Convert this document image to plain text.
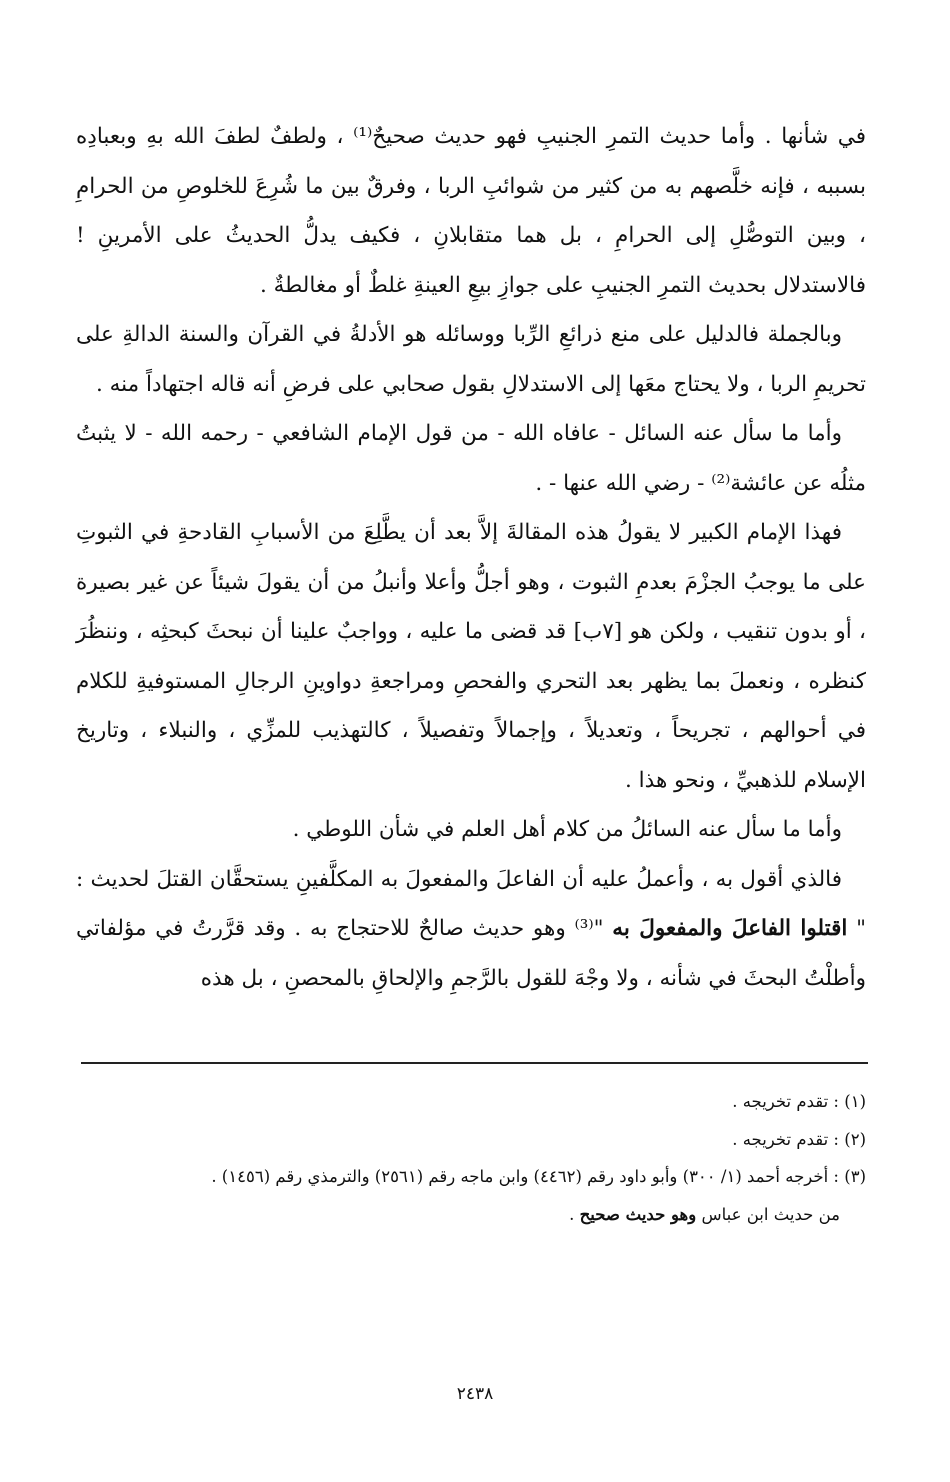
في شأنها . وأما حديث التمرِ الجنيبِ فهو حديث صحيحٌ⁽¹⁾ ، ولطفٌ لطفَ الله بهِ وبعبادِه بسببه ، فإنه خلَّصهم به من كثير من شوائبِ الربا ، وفرقٌ بين ما شُرِعَ للخلوصِ من الحرامِ ، وبين التوصُّلِ إلى الحرامِ ، بل هما متقابلانِ ، فكيف يدلُّ الحديثُ على الأمرينِ ! فالاستدلال بحديث التمرِ الجنيبِ على جوازِ بيعِ العينةِ غلطٌ أو مغالطةٌ .

وبالجملة فالدليل على منع ذرائعِ الرِّبا ووسائله هو الأدلةُ في القرآن والسنة الدالةِ على تحريمِ الربا ، ولا يحتاج معَها إلى الاستدلالِ بقول صحابي على فرضِ أنه قاله اجتهاداً منه .

وأما ما سأل عنه السائل - عافاه الله - من قول الإمام الشافعي - رحمه الله - لا يثبتُ مثلُه عن عائشة⁽²⁾ - رضي الله عنها - .

فهذا الإمام الكبير لا يقولُ هذه المقالةَ إلاَّ بعد أن يطَّلِعَ من الأسبابِ القادحةِ في الثبوتِ على ما يوجبُ الجزْمَ بعدمِ الثبوت ، وهو أجلُّ وأعلا وأنبلُ من أن يقولَ شيئاً عن غير بصيرة ، أو بدون تنقيب ، ولكن هو [٧ب] قد قضى ما عليه ، وواجبٌ علينا أن نبحثَ كبحثِه ، وننظُرَ كنظره ، ونعملَ بما يظهر بعد التحري والفحصِ ومراجعةِ دواوينِ الرجالِ المستوفيةِ للكلام في أحوالهم ، تجريحاً ، وتعديلاً ، وإجمالاً وتفصيلاً ، كالتهذيب للمزِّي ، والنبلاء ، وتاريخ الإسلام للذهبيِّ ، ونحو هذا .

وأما ما سأل عنه السائلُ من كلام أهل العلم في شأن اللوطي .

فالذي أقول به ، وأعملُ عليه أن الفاعلَ والمفعولَ به المكلَّفينِ يستحقَّان القتلَ لحديث : " اقتلوا الفاعلَ والمفعولَ به "⁽³⁾ وهو حديث صالحٌ للاحتجاج به . وقد قرَّرتُ في مؤلفاتي وأطلْتُ البحثَ في شأنه ، ولا وجْهَ للقول بالرَّجمِ والإلحاقِ بالمحصنِ ، بل هذه

(١) : تقدم تخريجه .

(٢) : تقدم تخريجه .

(٣) : أخرجه أحمد (١/ ٣٠٠) وأبو داود رقم (٤٤٦٢) وابن ماجه رقم (٢٥٦١) والترمذي رقم (١٤٥٦) .

من حديث ابن عباس وهو حديث صحيح .

٢٤٣٨
